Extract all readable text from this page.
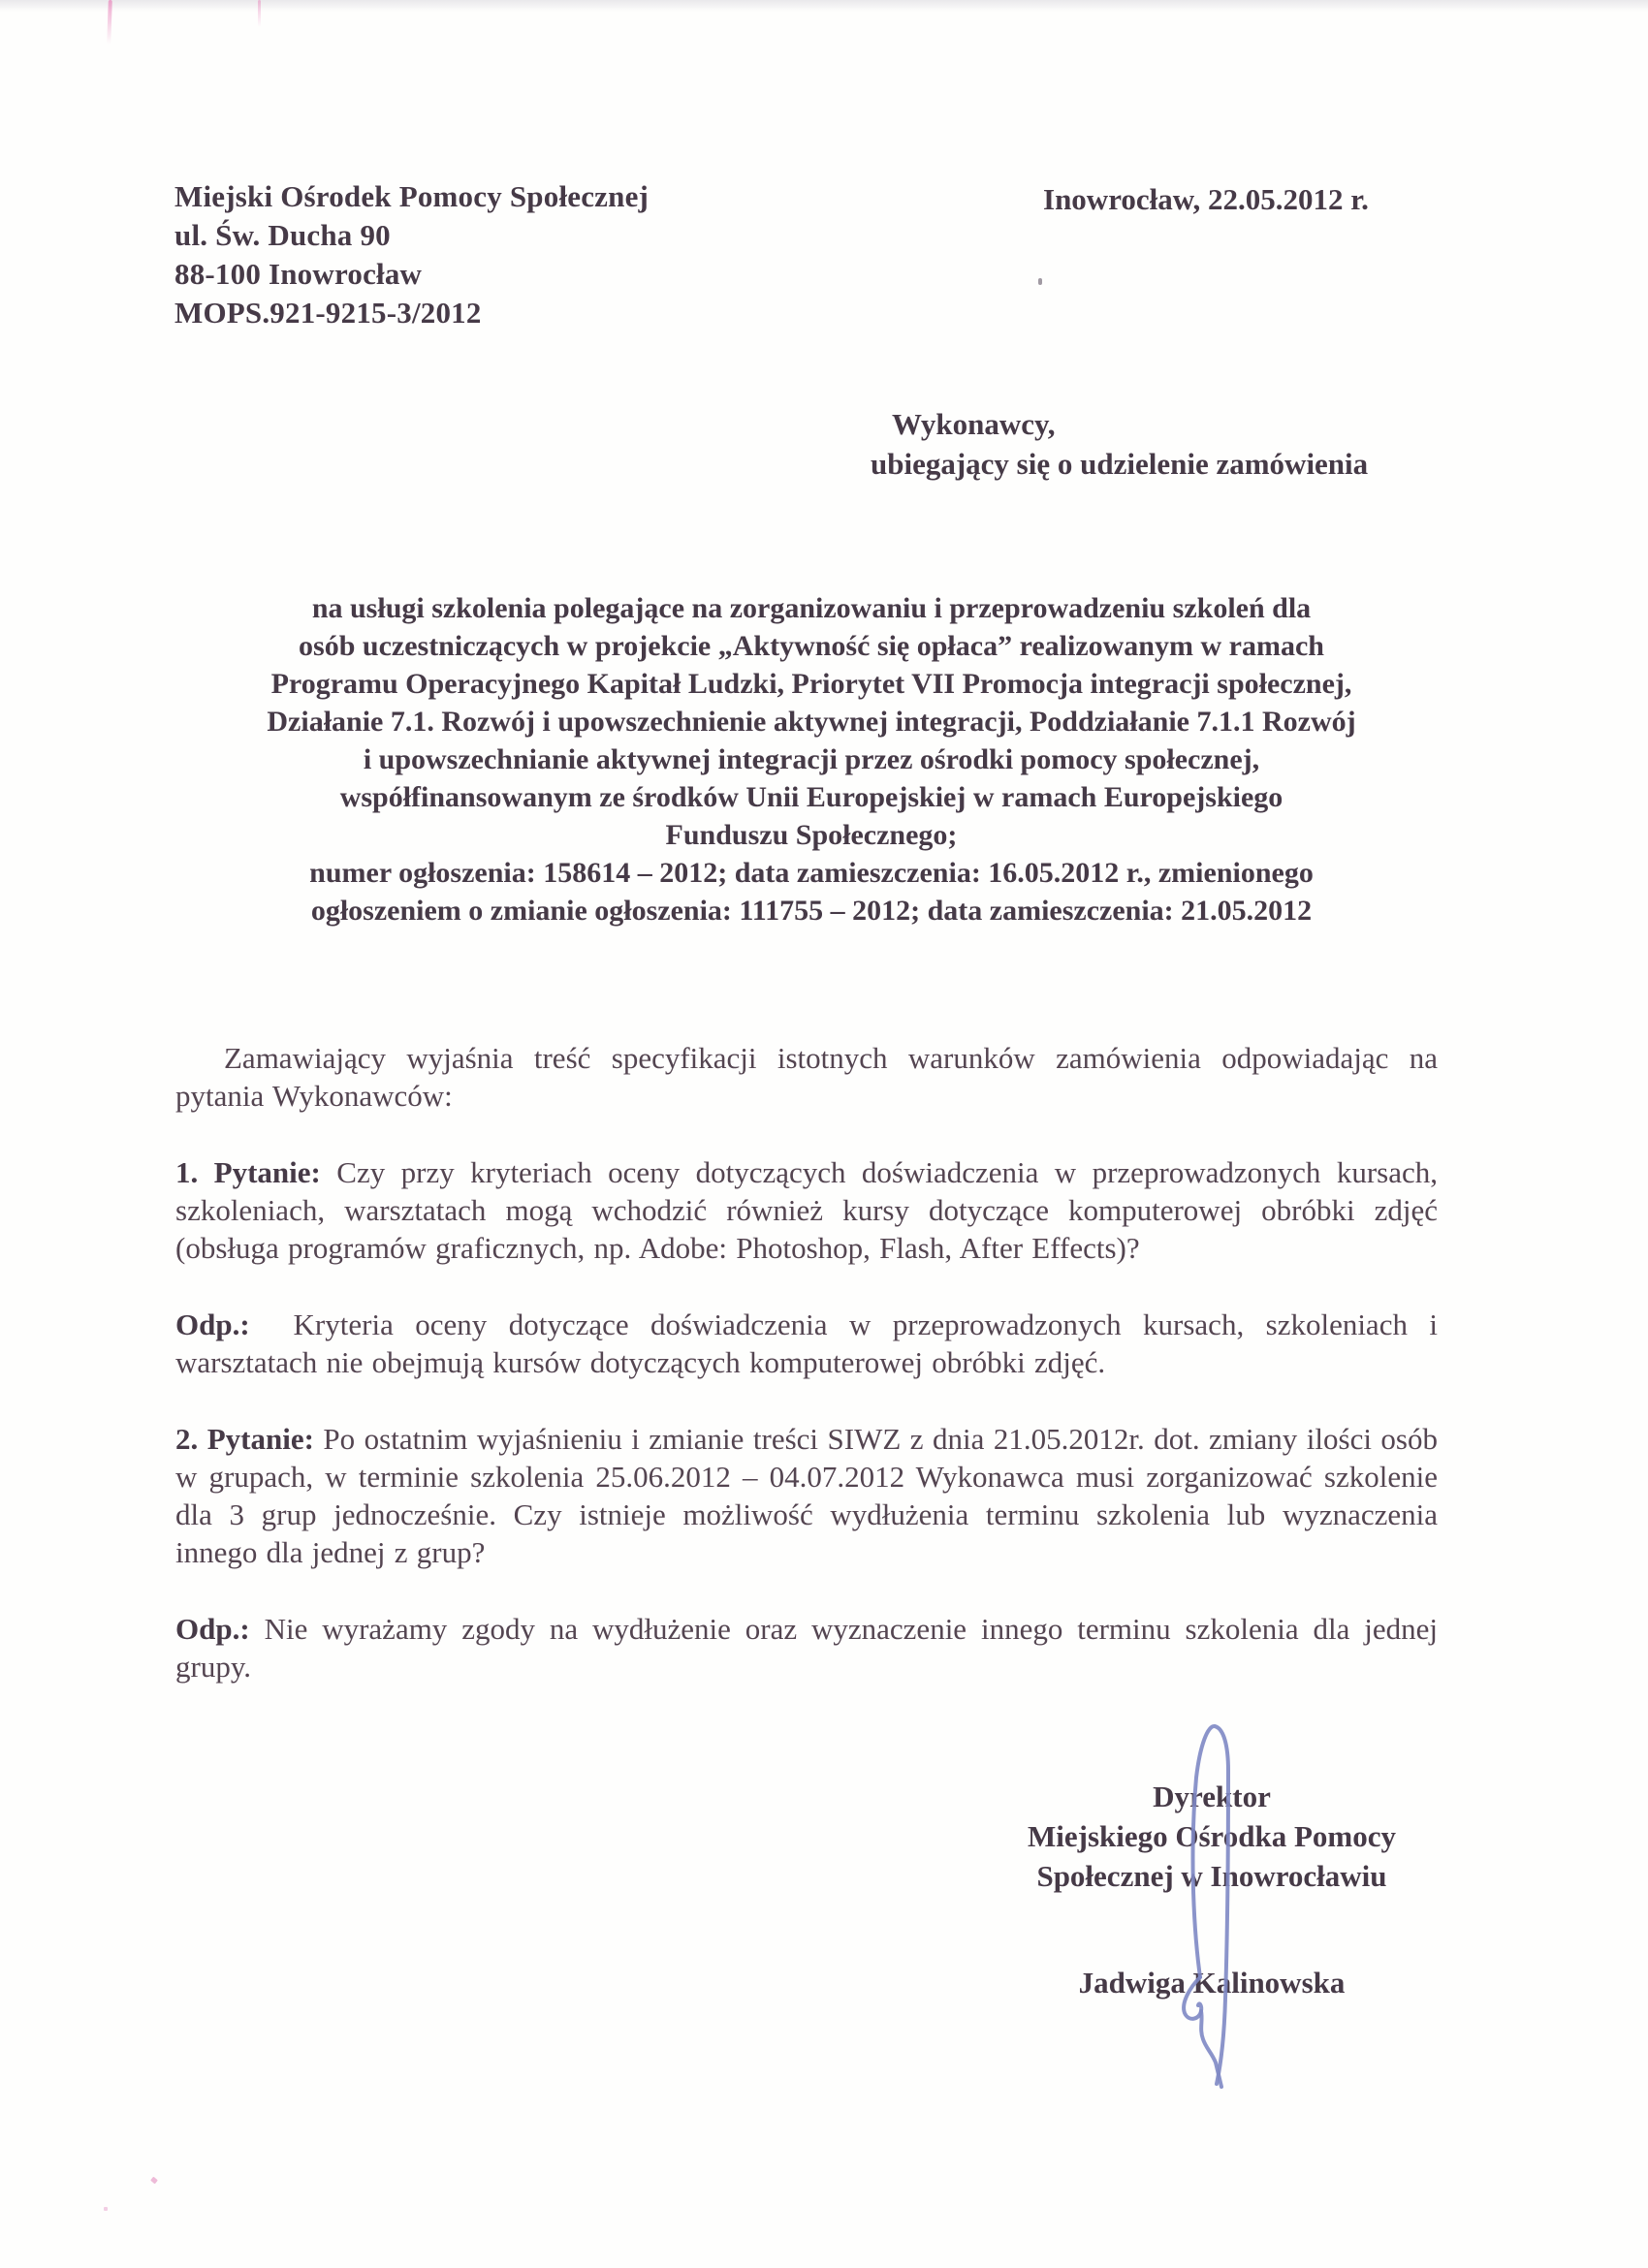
Miejski Ośrodek Pomocy Społecznej
ul. Św. Ducha 90
88-100 Inowrocław
MOPS.921-9215-3/2012
Inowrocław, 22.05.2012 r.
Wykonawcy,
ubiegający się o udzielenie zamówienia
na usługi szkolenia polegające na zorganizowaniu i przeprowadzeniu szkoleń dla
osób uczestniczących w projekcie „Aktywność się opłaca” realizowanym w ramach
Programu Operacyjnego Kapitał Ludzki, Priorytet VII Promocja integracji społecznej,
Działanie 7.1. Rozwój i upowszechnienie aktywnej integracji, Poddziałanie 7.1.1 Rozwój
i upowszechnianie aktywnej integracji przez ośrodki pomocy społecznej,
współfinansowanym ze środków Unii Europejskiej w ramach Europejskiego
Funduszu Społecznego;
numer ogłoszenia: 158614 – 2012; data zamieszczenia: 16.05.2012 r., zmienionego
ogłoszeniem o zmianie ogłoszenia: 111755 – 2012; data zamieszczenia: 21.05.2012

Zamawiający wyjaśnia treść specyfikacji istotnych warunków zamówienia odpowiadając na pytania Wykonawców:

1. Pytanie: Czy przy kryteriach oceny dotyczących doświadczenia w przeprowadzonych kursach, szkoleniach, warsztatach mogą wchodzić również kursy dotyczące komputerowej obróbki zdjęć (obsługa programów graficznych, np. Adobe: Photoshop, Flash, After Effects)?

Odp.: Kryteria oceny dotyczące doświadczenia w przeprowadzonych kursach, szkoleniach i warsztatach nie obejmują kursów dotyczących komputerowej obróbki zdjęć.

2. Pytanie: Po ostatnim wyjaśnieniu i zmianie treści SIWZ z dnia 21.05.2012r. dot. zmiany ilości osób w grupach, w terminie szkolenia 25.06.2012 – 04.07.2012 Wykonawca musi zorganizować szkolenie dla 3 grup jednocześnie. Czy istnieje możliwość wydłużenia terminu szkolenia lub wyznaczenia innego dla jednej z grup?

Odp.: Nie wyrażamy zgody na wydłużenie oraz wyznaczenie innego terminu szkolenia dla jednej grupy.

Dyrektor
Miejskiego Ośrodka Pomocy
Społecznej w Inowrocławiu
Jadwiga Kalinowska
